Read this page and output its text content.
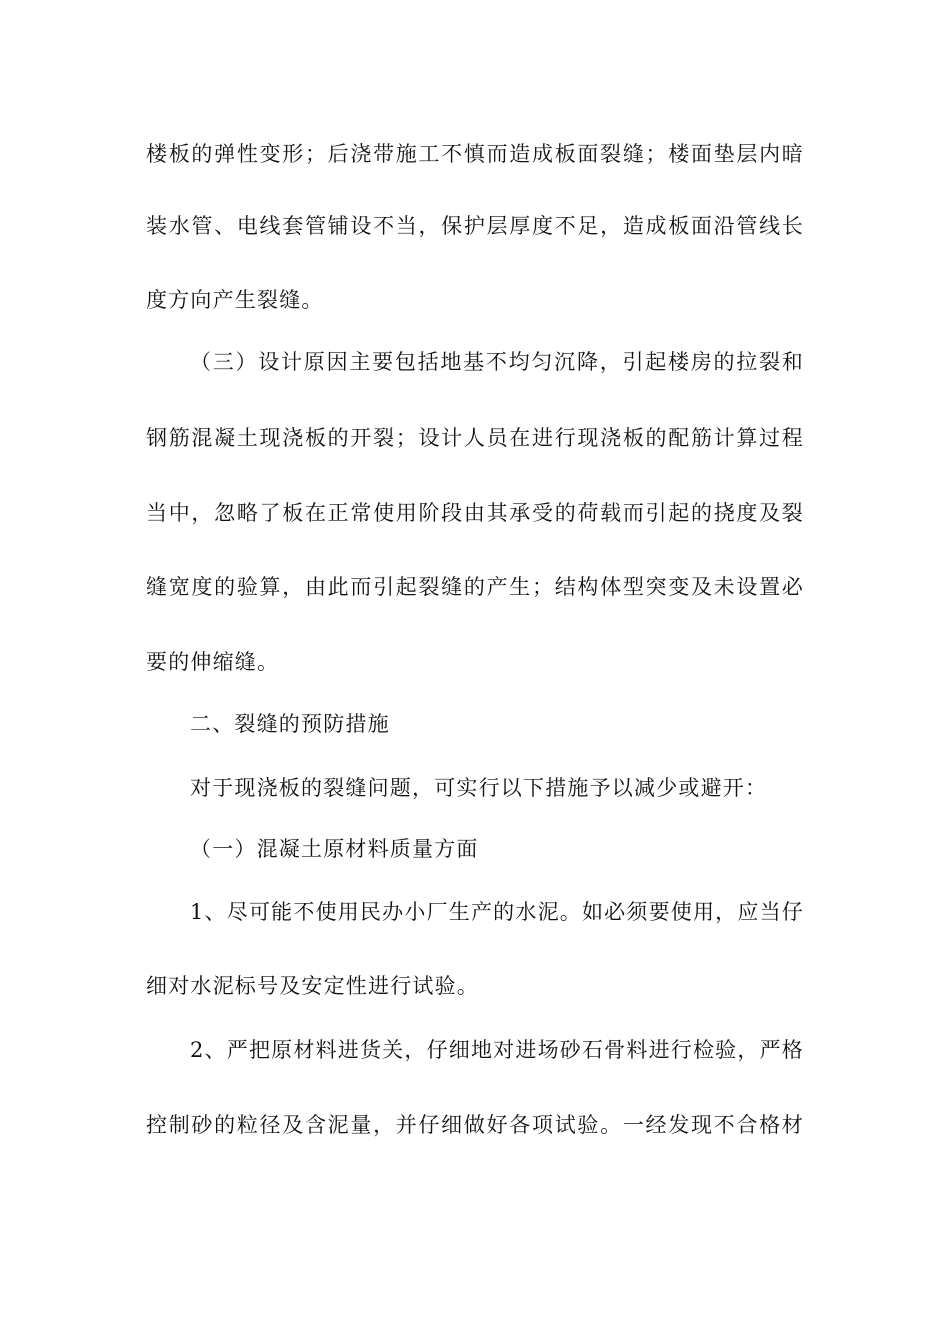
楼板的弹性变形；后浇带施工不慎而造成板面裂缝；楼面垫层内暗
装水管、电线套管铺设不当，保护层厚度不足，造成板面沿管线长
度方向产生裂缝。
（三）设计原因主要包括地基不均匀沉降，引起楼房的拉裂和
钢筋混凝土现浇板的开裂；设计人员在进行现浇板的配筋计算过程
当中，忽略了板在正常使用阶段由其承受的荷载而引起的挠度及裂
缝宽度的验算，由此而引起裂缝的产生；结构体型突变及未设置必
要的伸缩缝。
二、裂缝的预防措施
对于现浇板的裂缝问题，可实行以下措施予以减少或避开：
（一）混凝土原材料质量方面
1、尽可能不使用民办小厂生产的水泥。如必须要使用，应当仔
细对水泥标号及安定性进行试验。
2、严把原材料进货关，仔细地对进场砂石骨料进行检验，严格
控制砂的粒径及含泥量，并仔细做好各项试验。一经发现不合格材
